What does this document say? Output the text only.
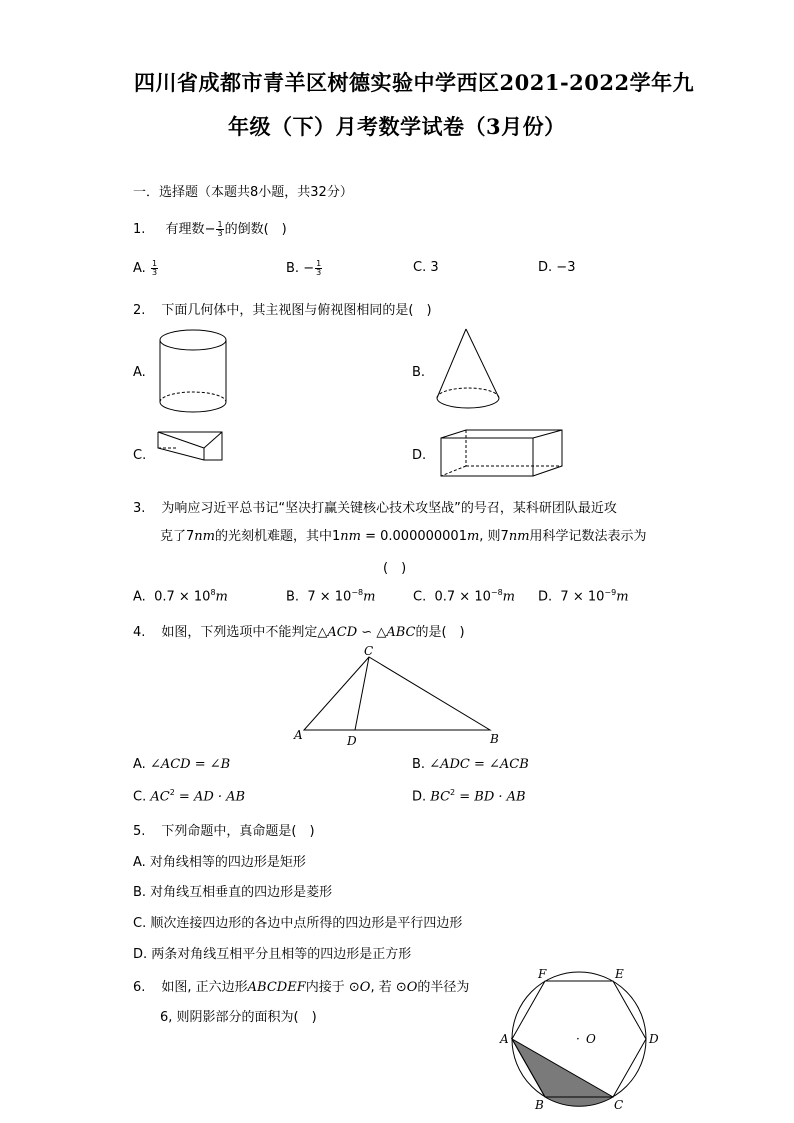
四川省成都市青羊区树德实验中学西区2021-2022学年九
年级（下）月考数学试卷（3月份）
一．选择题（本题共8小题，共32分）
1. 有理数− $\frac{1}{3}$ 的倒数(　)
A. $\frac{1}{3}$	B. − $\frac{1}{3}$	C. 3	D. −3
2. 下面几何体中，其主视图与俯视图相同的是(　)
A.	B.
C.	D.
3. 为响应习近平总书记“坚决打赢关键核心技术攻坚战”的号召，某科研团队最近攻
克了7nm的光刻机难题，其中1nm = 0.000000001m, 则7nm用科学记数法表示为
(　)
A. $0.7 \times 10^8m$	B. $7 \times 10^{-8}m$	C. $0.7 \times 10^{-8}m$ D. $7 \times 10^{-9}m$
4. 如图，下列选项中不能判定△ACD ∽ △ABC的是(　)
C
A	D	B
A. ∠ACD = ∠B	B. ∠ADC = ∠ACB
C. $AC^2$ = AD · AB	D. $BC^2$ = BD · AB
5. 下列命题中，真命题是(　)
A. 对角线相等的四边形是矩形
B. 对角线互相垂直的四边形是菱形
C. 顺次连接四边形的各边中点所得的四边形是平行四边形
D. 两条对角线互相平分且相等的四边形是正方形
6. 如图, 正六边形ABCDEF内接于 ⊙O, 若 ⊙O的半径为
6, 则阴影部分的面积为(　)
· O
A
B	C
D
E
F
